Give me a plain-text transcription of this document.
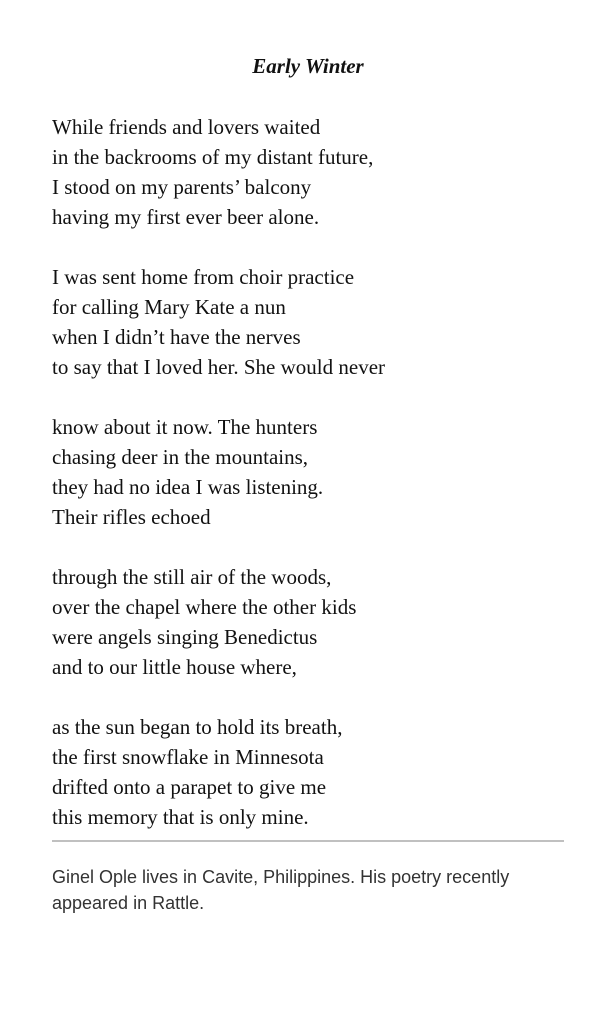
Early Winter
While friends and lovers waited
in the backrooms of my distant future,
I stood on my parents’ balcony
having my first ever beer alone.
I was sent home from choir practice
for calling Mary Kate a nun
when I didn’t have the nerves
to say that I loved her. She would never
know about it now. The hunters
chasing deer in the mountains,
they had no idea I was listening.
Their rifles echoed
through the still air of the woods,
over the chapel where the other kids
were angels singing Benedictus
and to our little house where,
as the sun began to hold its breath,
the first snowflake in Minnesota
drifted onto a parapet to give me
this memory that is only mine.
Ginel Ople lives in Cavite, Philippines. His poetry recently appeared in Rattle.
